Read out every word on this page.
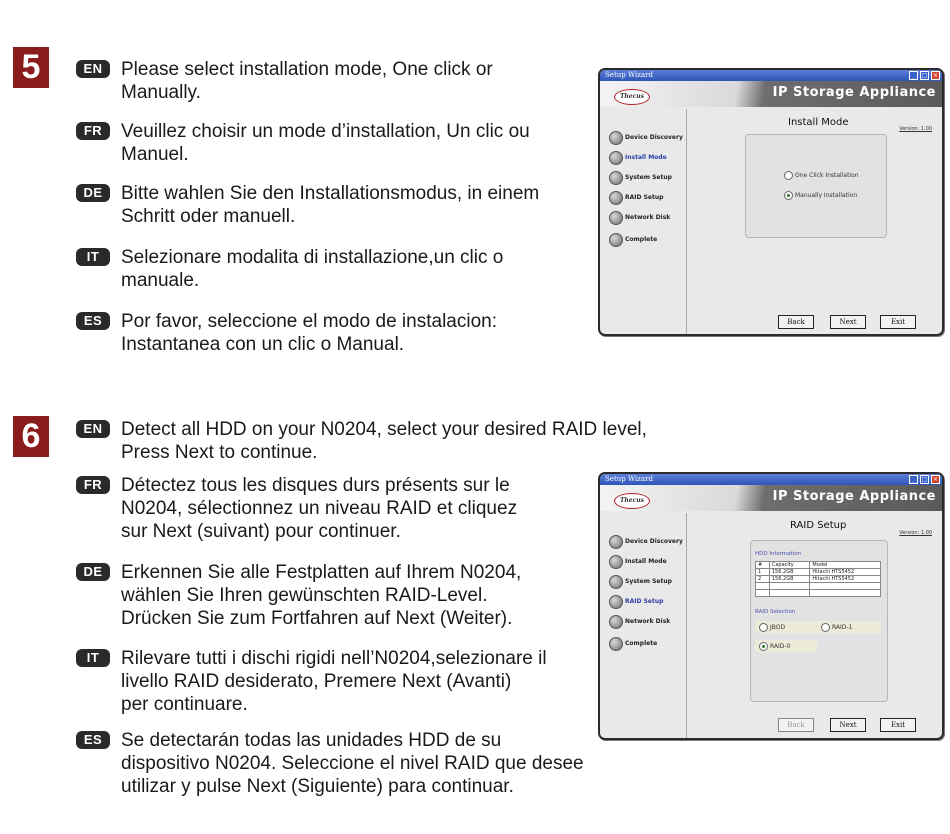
5	EN Please select installation mode, One click or
Manually.
FR Veuillez choisir un mode d’installation, Un clic ou
Manuel.
DE Bitte wahlen Sie den Installationsmodus, in einem
Schritt oder manuell.
IT	Selezionare modalita di installazione,un clic o
manuale.
ES Por favor, seleccione el modo de instalacion:
Instantanea con un clic o Manual.
Setup Wizard	_	□ ×
Thecus	IP Storage Appliance
Device Discovery
Install Mode
System Setup
RAID Setup
Network Disk
Complete
Install Mode
Version: 1.00
One Click Installation
Manually Installation
Back	Next	Exit
6	EN Detect all HDD on your N0204, select your desired RAID level,
Press Next to continue.
FR Détectez tous les disques durs présents sur le
N0204, sélectionnez un niveau RAID et cliquez
sur Next (suivant) pour continuer.
DE Erkennen Sie alle Festplatten auf Ihrem N0204,
wählen Sie Ihren gewünschten RAID-Level.
Drücken Sie zum Fortfahren auf Next (Weiter).
IT	Rilevare tutti i dischi rigidi nell’N0204,selezionare il
livello RAID desiderato, Premere Next (Avanti)
per continuare.
ES Se detectarán todas las unidades HDD de su
dispositivo N0204. Seleccione el nivel RAID que desee
utilizar y pulse Next (Siguiente) para continuar.
Setup Wizard	_	□ ×
Thecus	IP Storage Appliance
Device Discovery
Install Mode
System Setup
RAID Setup
Network Disk
Complete
RAID Setup
Version: 1.00
HDD Information
#	Capacity	Model
1	156.2GB	Hitachi HTS5452
2	156.2GB	Hitachi HTS5452

RAID Selection
JBOD	RAID-1
RAID-0
Back	Next	Exit
